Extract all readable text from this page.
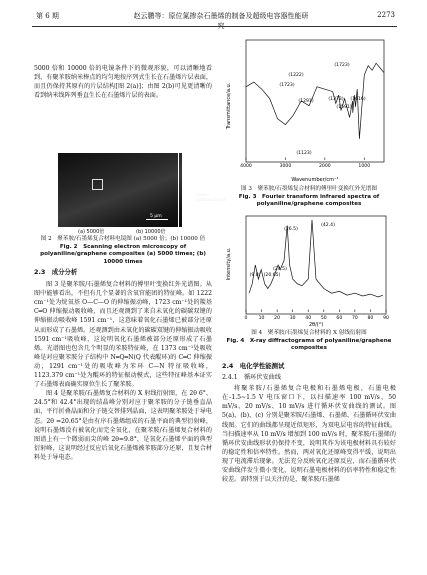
第 6 期	赵云鹏等：原位氮掺杂石墨烯的制备及超级电容器性能研究
2273

5000 倍和 10000 倍的电镜条件下的微观形貌，可以清晰地看到，有聚苯胺纳米棒点的均匀地按序列式生长在石墨烯片层表面，而且仍保持其原有的片层结构[图 2(a)]；由图 2(b)可见更清晰的看到纳米线阵列垂直生长在石墨烯片层的表面。

nano-embossment
5 μm
1 μm
(a) 5000倍	(b) 10000倍
图 2　聚苯胺/石墨烯复合材料电镜图 (a) 5000 倍；(b) 10000 倍
Fig. 2　Scanning electron microscopy of polyaniline/graphene composites (a) 5000 times; (b) 10000 times
2.3　成分分析

图 3 是聚苯胺/石墨烯复合材料的傅里叶变换红外光谱图。从图中能够看出，不但有几个显著的含氧官能团的特征峰。如 1222 cm⁻¹处为烷氧基 O—C—O 的伸缩振动峰，1723 cm⁻¹处的羰基 C═O 伸缩振动吸收峰，而且还观测到了来自未氧化的碳碳双键的伸缩振动吸收峰 1591 cm⁻¹，这意味着氧化石墨烯已被部分还原从而形成了石墨烯。还观测到由未氧化的碳碳双键的伸缩振动吸收 1591 cm⁻¹吸收峰，这说明氧化石墨烯被部分还原形成了石墨烯。光谱图也包含几个明显的苯胺特征峰，在 1373 cm⁻¹处吸收峰是对应聚苯胺分子结构中 N═Q═N(Q 代表醌环)的 C═C 伸缩振动，1291 cm⁻¹处的吸收峰为苯环 C—N 特征吸收峰，1123.379 cm⁻¹处为醌环的特征振动模式，这些特征峰基本证实了石墨烯表面确实原位生长了聚苯胺。

图 4 是聚苯胺/石墨烯复合材料的 X 射线衍射图，在 2θ 6°、24.5°和 42.4°出现的结晶峰分别对应于聚苯胺的分子链垂直晶面、平行折叠晶面和分子链交替排列晶面，这表明聚苯胺处于导电态。2θ =20.65°是由有序石墨烯组成的石墨平面的典型衍射峰，说明石墨烯没有被氧化而完全氧化，在聚苯胺/石墨烯复合材料的图谱上有一个微弱而尖的峰 2θ=9.8°，是氧化石墨烯平面的典型衍射峰，这说明经过反应后氧化石墨烯被苯胺部分还原，且复合材料处于导电态。

Transmittance/a.u.
4000	3000	2000	1000
Wavenumber/cm⁻¹
(1723)
(1222)
(1291)	(1373)
(1591)
(1616)
(1723)
(1123)
图 3　聚苯胺/石墨烯复合材料的傅里叶变换红外光谱图
Fig. 3　Fourier transform infrared spectra of polyaniline/graphene composites
Intensity/a.u.
0 10 20 30 40 50 60 70 80 90
2θ/(°)
(9.8) (20.65)
(24.5)
(26.5)
(42.4)
图 4　聚苯胺/石墨烯复合材料的 X 射线衍射图
Fig. 4　X-ray diffractograms of polyaniline/graphene composites
2.4　电化学性能测试
2.4.1　循环伏安曲线

将聚苯胺/石墨烯复合电极和石墨烯电极，石墨电极在-1.5~1.5 V 电压窗口下，以扫描速率 100 mV/s、50 mV/s、20 mV/s、10 mV/s 进行循环伏安曲线的测试。图 5(a)、(b)、(c) 分别是聚苯胺/石墨烯、石墨烯、石墨循环伏安曲线图。它们的曲线都呈现近似矩形，为双电层电容的特征曲线。当扫描速率从 10 mV/s 增加到 100 mV/s 时，聚苯胺/石墨烯的循环伏安曲线形状仍保持不变，说明其作为该电极材料具有较好的稳定性和倍率特性。然而，两对氧化还原峰变得平缓，说明出现了电流滞后现象。无法充分反映氧化还原反应，而石墨循环伏安曲线伴发生微小变化，说明石墨电极材料的倍率特性和稳定性较差。需特别于以关注的是，聚苯胺/石墨烯
